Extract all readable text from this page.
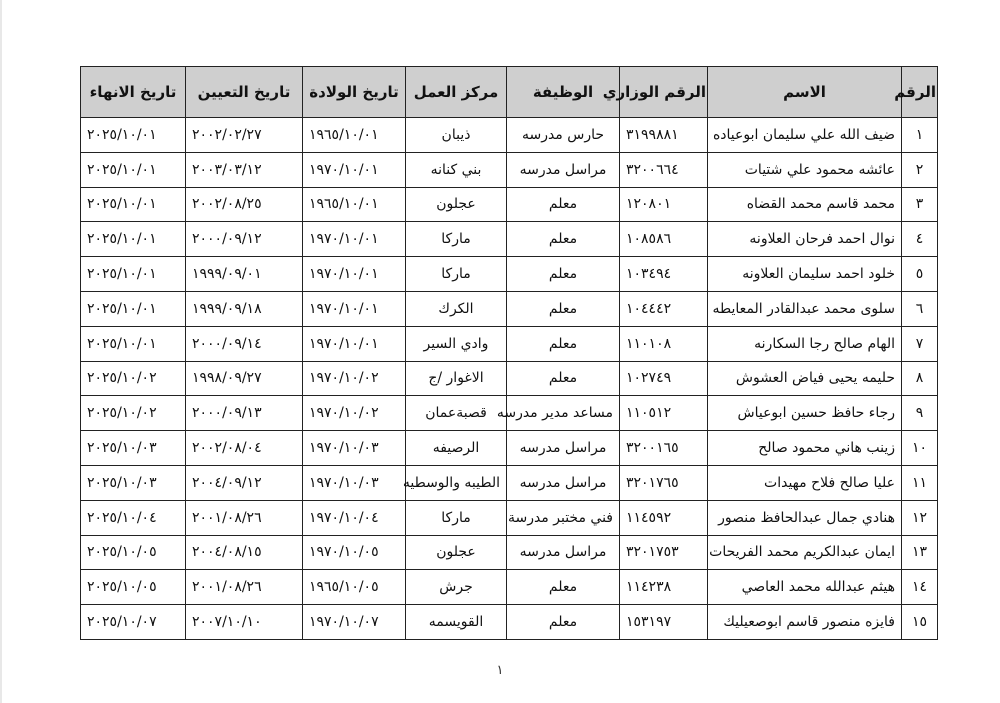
الرقم	الاسم	الرقم الوزاري	الوظيفة	مركز العمل	تاريخ الولادة	تاريخ التعيين	تاريخ الانهاء
١	ضيف الله علي سليمان ابوعياده	٣١٩٩٨٨١	حارس مدرسه	ذيبان	١٩٦٥/١٠/٠١	٢٠٠٢/٠٢/٢٧	٢٠٢٥/١٠/٠١
٢	عائشه محمود علي شتيات	٣٢٠٠٦٦٤	مراسل مدرسه	بني كنانه	١٩٧٠/١٠/٠١	٢٠٠٣/٠٣/١٢	٢٠٢٥/١٠/٠١
٣	محمد قاسم محمد القضاه	١٢٠٨٠١	معلم	عجلون	١٩٦٥/١٠/٠١	٢٠٠٢/٠٨/٢٥	٢٠٢٥/١٠/٠١
٤	نوال احمد فرحان العلاونه	١٠٨٥٨٦	معلم	ماركا	١٩٧٠/١٠/٠١	٢٠٠٠/٠٩/١٢	٢٠٢٥/١٠/٠١
٥	خلود احمد سليمان العلاونه	١٠٣٤٩٤	معلم	ماركا	١٩٧٠/١٠/٠١	١٩٩٩/٠٩/٠١	٢٠٢٥/١٠/٠١
٦	سلوى محمد عبدالقادر المعايطه	١٠٤٤٤٢	معلم	الكرك	١٩٧٠/١٠/٠١	١٩٩٩/٠٩/١٨	٢٠٢٥/١٠/٠١
٧	الهام صالح رجا السكارنه	١١٠١٠٨	معلم	وادي السير	١٩٧٠/١٠/٠١	٢٠٠٠/٠٩/١٤	٢٠٢٥/١٠/٠١
٨	حليمه يحيى فياض العشوش	١٠٢٧٤٩	معلم	الاغوار /ج	١٩٧٠/١٠/٠٢	١٩٩٨/٠٩/٢٧	٢٠٢٥/١٠/٠٢
٩	رجاء حافظ حسين ابوعياش	١١٠٥١٢	مساعد مدير مدرسه	قصبةعمان	١٩٧٠/١٠/٠٢	٢٠٠٠/٠٩/١٣	٢٠٢٥/١٠/٠٢
١٠	زينب هاني محمود صالح	٣٢٠٠١٦٥	مراسل مدرسه	الرصيفه	١٩٧٠/١٠/٠٣	٢٠٠٢/٠٨/٠٤	٢٠٢٥/١٠/٠٣
١١	عليا صالح فلاح مهيدات	٣٢٠١٧٦٥	مراسل مدرسه	الطيبه والوسطيه	١٩٧٠/١٠/٠٣	٢٠٠٤/٠٩/١٢	٢٠٢٥/١٠/٠٣
١٢	هنادي جمال عبدالحافظ منصور	١١٤٥٩٢	فني مختبر مدرسة	ماركا	١٩٧٠/١٠/٠٤	٢٠٠١/٠٨/٢٦	٢٠٢٥/١٠/٠٤
١٣	ايمان عبدالكريم محمد الفريحات	٣٢٠١٧٥٣	مراسل مدرسه	عجلون	١٩٧٠/١٠/٠٥	٢٠٠٤/٠٨/١٥	٢٠٢٥/١٠/٠٥
١٤	هيثم عبدالله محمد العاصي	١١٤٢٣٨	معلم	جرش	١٩٦٥/١٠/٠٥	٢٠٠١/٠٨/٢٦	٢٠٢٥/١٠/٠٥
١٥	فايزه منصور قاسم ابوصعيليك	١٥٣١٩٧	معلم	القويسمه	١٩٧٠/١٠/٠٧	٢٠٠٧/١٠/١٠	٢٠٢٥/١٠/٠٧
١
